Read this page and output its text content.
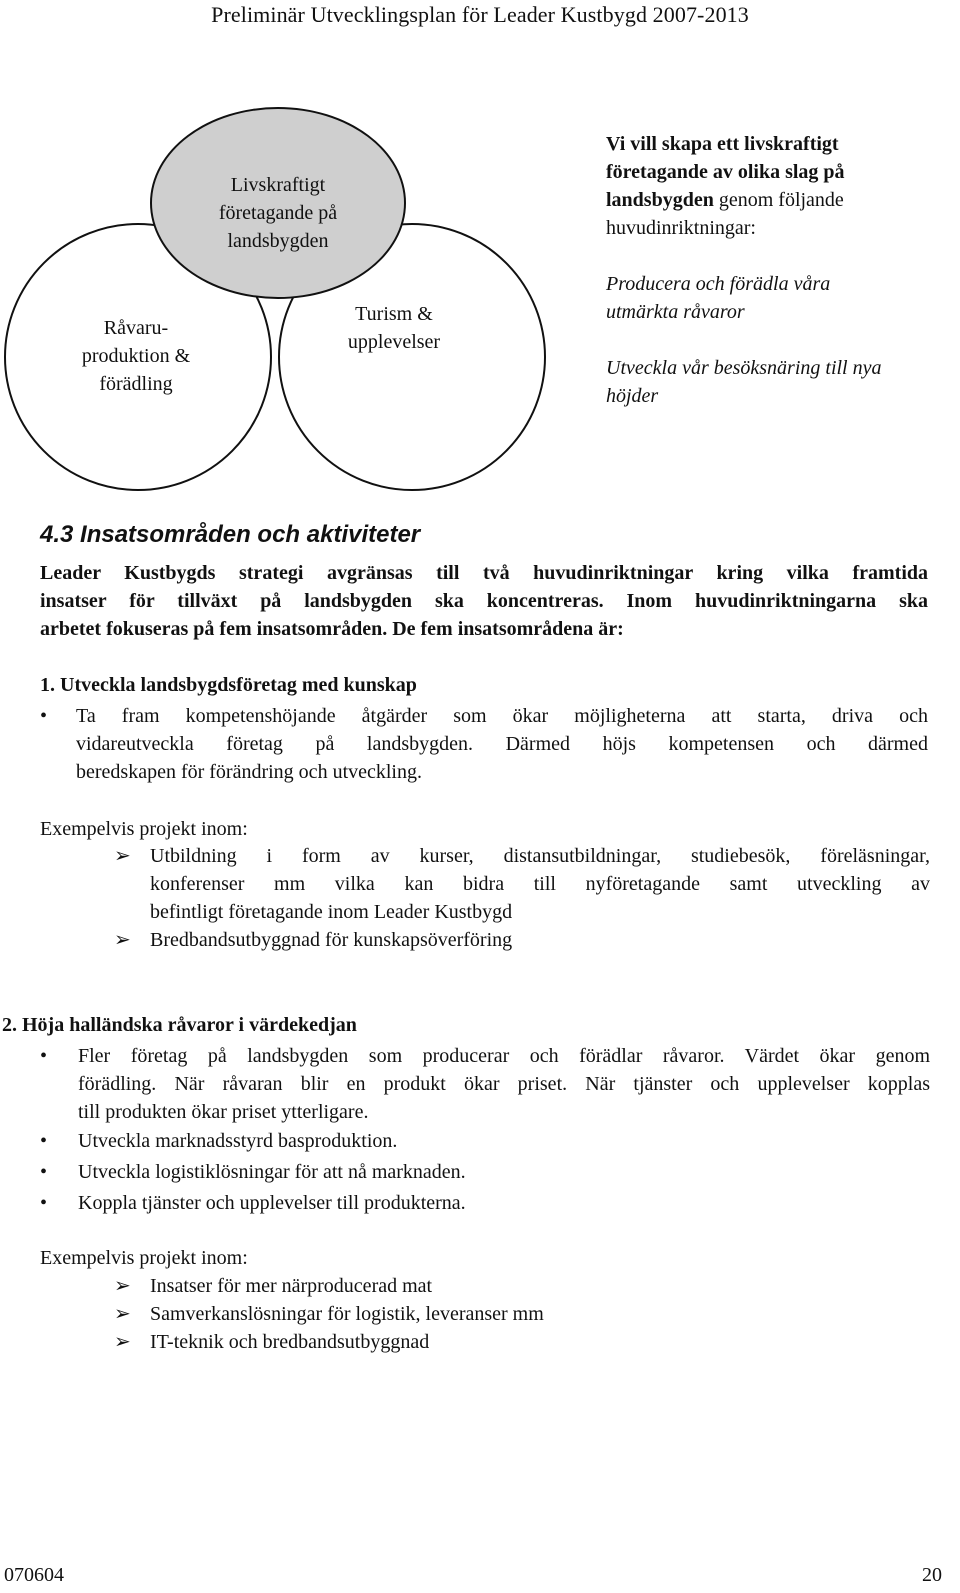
Preliminär Utvecklingsplan för Leader Kustbygd 2007-2013
Livskraftigt
företagande på
landsbygden
Råvaru-
produktion &
förädling
Turism &
upplevelser
Vi vill skapa ett livskraftigt
företagande av olika slag på
landsbygden genom följande
huvudinriktningar:
Producera och förädla våra
utmärkta råvaror
Utveckla vår besöksnäring till nya
höjder
4.3 Insatsområden och aktiviteter
Leader Kustbygds strategi avgränsas till två huvudinriktningar kring vilka framtida
insatser för tillväxt på landsbygden ska koncentreras. Inom huvudinriktningarna ska
arbetet fokuseras på fem insatsområden. De fem insatsområdena är:
1. Utveckla landsbygdsföretag med kunskap
• Ta fram kompetenshöjande åtgärder som ökar möjligheterna att starta, driva och
vidareutveckla företag på landsbygden. Därmed höjs kompetensen och därmed
beredskapen för förändring och utveckling.
Exempelvis projekt inom:
➢ Utbildning i form av kurser, distansutbildningar, studiebesök, föreläsningar,
konferenser mm vilka kan bidra till nyföretagande samt utveckling av
befintligt företagande inom Leader Kustbygd
➢ Bredbandsutbyggnad för kunskapsöverföring
2. Höja halländska råvaror i värdekedjan
• Fler företag på landsbygden som producerar och förädlar råvaror. Värdet ökar genom
förädling. När råvaran blir en produkt ökar priset. När tjänster och upplevelser kopplas
till produkten ökar priset ytterligare.
• Utveckla marknadsstyrd basproduktion.
• Utveckla logistiklösningar för att nå marknaden.
• Koppla tjänster och upplevelser till produkterna.
Exempelvis projekt inom:
➢ Insatser för mer närproducerad mat
➢ Samverkanslösningar för logistik, leveranser mm
➢ IT-teknik och bredbandsutbyggnad
070604	20
